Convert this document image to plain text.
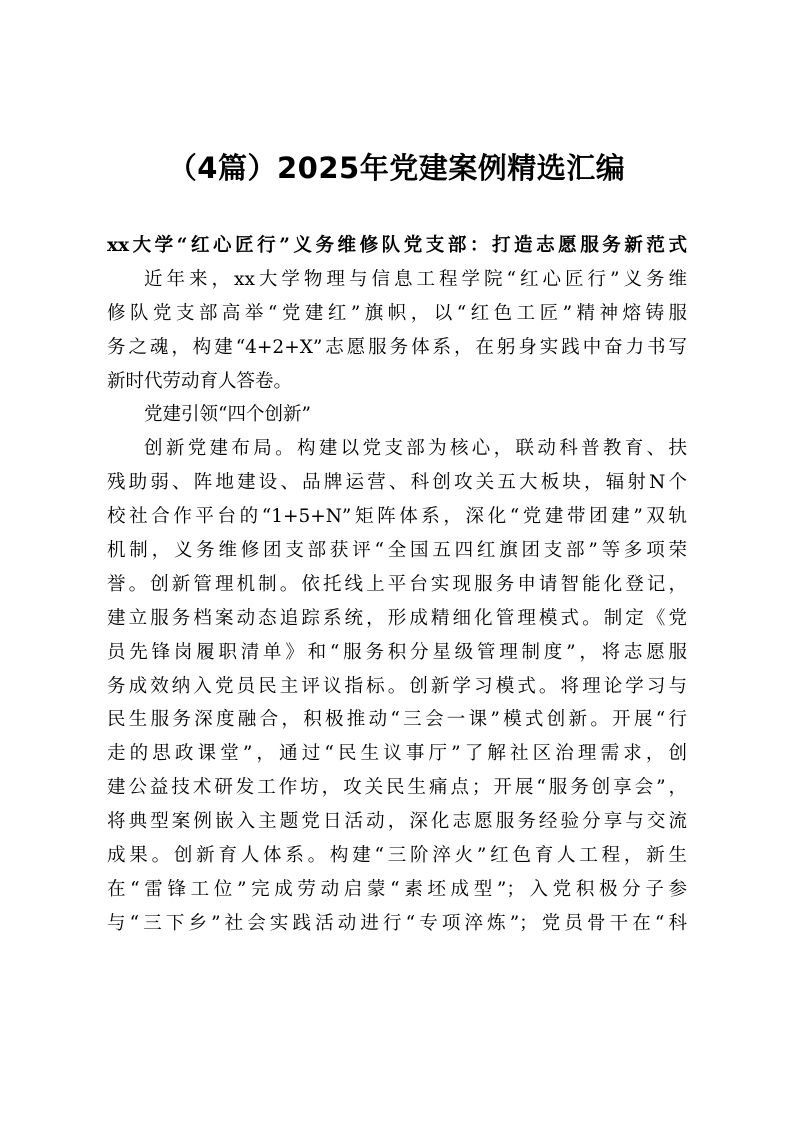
（4篇）2025年党建案例精选汇编
xx大学“红心匠行”义务维修队党支部：打造志愿服务新范式
近年来，xx大学物理与信息工程学院“红心匠行”义务维
修队党支部高举“党建红”旗帜，以“红色工匠”精神熔铸服
务之魂，构建“4+2+X”志愿服务体系，在躬身实践中奋力书写
新时代劳动育人答卷。
党建引领“四个创新”
创新党建布局。构建以党支部为核心，联动科普教育、扶
残助弱、阵地建设、品牌运营、科创攻关五大板块，辐射N个
校社合作平台的“1+5+N”矩阵体系，深化“党建带团建”双轨
机制，义务维修团支部获评“全国五四红旗团支部”等多项荣
誉。创新管理机制。依托线上平台实现服务申请智能化登记，
建立服务档案动态追踪系统，形成精细化管理模式。制定《党
员先锋岗履职清单》和“服务积分星级管理制度”，将志愿服
务成效纳入党员民主评议指标。创新学习模式。将理论学习与
民生服务深度融合，积极推动“三会一课”模式创新。开展“行
走的思政课堂”，通过“民生议事厅”了解社区治理需求，创
建公益技术研发工作坊，攻关民生痛点；开展“服务创享会”，
将典型案例嵌入主题党日活动，深化志愿服务经验分享与交流
成果。创新育人体系。构建“三阶淬火”红色育人工程，新生
在“雷锋工位”完成劳动启蒙“素坯成型”；入党积极分子参
与“三下乡”社会实践活动进行“专项淬炼”；党员骨干在“科
